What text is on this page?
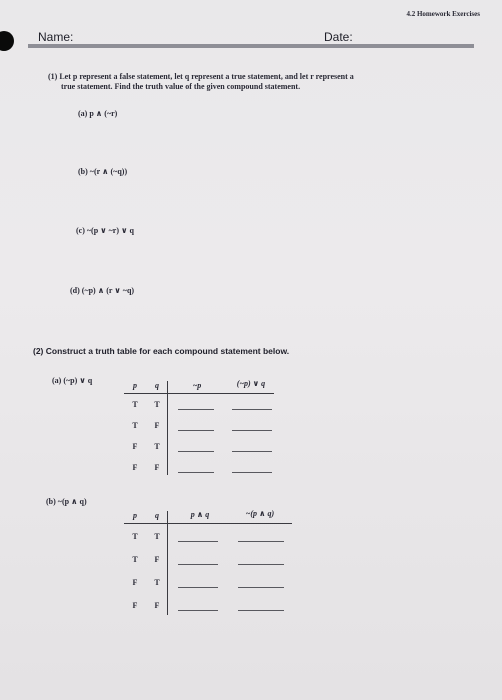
4.2 Homework Exercises
Name:	Date:
(1) Let p represent a false statement, let q represent a true statement, and let r represent a
true statement. Find the truth value of the given compound statement.
(a) p ∧ (~r)
(b) ~(r ∧ (~q))
(c) ~(p ∨ ~r) ∨ q
(d) (~p) ∧ (r ∨ ~q)
(2) Construct a truth table for each compound statement below.
(a) (~p) ∨ q
p	q	~p	(~p) ∨ q
T	T
T	F
F	T
F	F
(b) ~(p ∧ q)
p	q	p ∧ q	~(p ∧ q)
T	T
T	F
F	T
F	F
